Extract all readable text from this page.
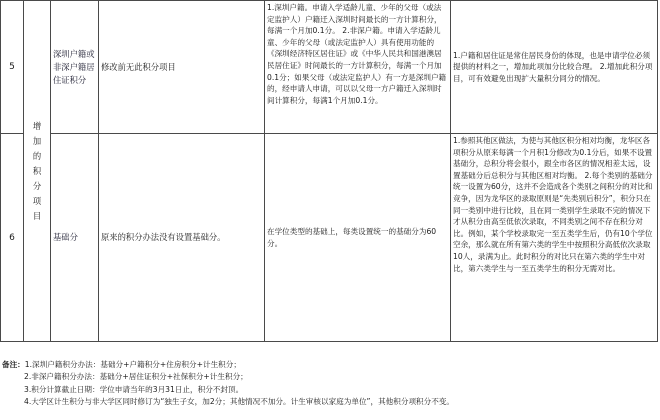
5	增加的积分项目	深圳户籍或非深户籍居住证积分	修改前无此积分项目	1.深圳户籍。申请入学适龄儿童、少年的父母（或法定监护人）户籍迁入深圳时间最长的一方计算积分，每满一个月加0.1分。 2.非深户籍。申请入学适龄儿童、少年的父母（或法定监护人）具有使用功能的《深圳经济特区居住证》或《中华人民共和国港澳居民居住证》时间最长的一方计算积分，每满一个月加0.1分；如果父母（或法定监护人）有一方是深圳户籍的，经申请人申请，可以以父母一方户籍迁入深圳时间计算积分，每满1个月加0.1分。	1.户籍和居住证是常住居民身份的体现，也是申请学位必须提供的材料之一，增加此项加分比较合理。 2.增加此积分项目，可有效避免出现扩大量积分同分的情况。
6		基础分	原来的积分办法没有设置基础分。	在学位类型的基础上，每类设置统一的基础分为60分。	1.参照其他区做法，为使与其他区积分相对均衡，龙华区各项积分从原来每满一个月积1分修改为0.1分后，如果不设置基础分，总积分将会很小，跟全市各区的情况相差太远，设置基础分后总积分与其他区相对均衡。 2.每个类别的基础分统一设置为60分，这并不会造成各个类别之间积分的对比和竞争，因为龙华区的录取原则是“先类别后积分”，积分只在同一类别中进行比较，且在同一类别学生录取不完的情况下才从积分由高至低依次录取，不同类别之间不存在积分对比。例如，某个学校录取完一至五类学生后，仍有10个学位空余，那么就在所有第六类的学生中按照积分高低依次录取10人，录满为止。此时积分的对比只在第六类的学生中对比，第六类学生与一至五类学生的积分无需对比。
备注：1.深圳户籍积分办法：基础分+户籍积分+住房积分+计生积分；
2.非深户籍积分办法：基础分+居住证积分+社保积分+计生积分；
3.积分计算截止日期：学位申请当年的3月31日止，积分不封顶。
4.大学区计生积分与非大学区同时修订为“独生子女，加2分；其他情况不加分。计生审核以家庭为单位”，其他积分项积分不变。
